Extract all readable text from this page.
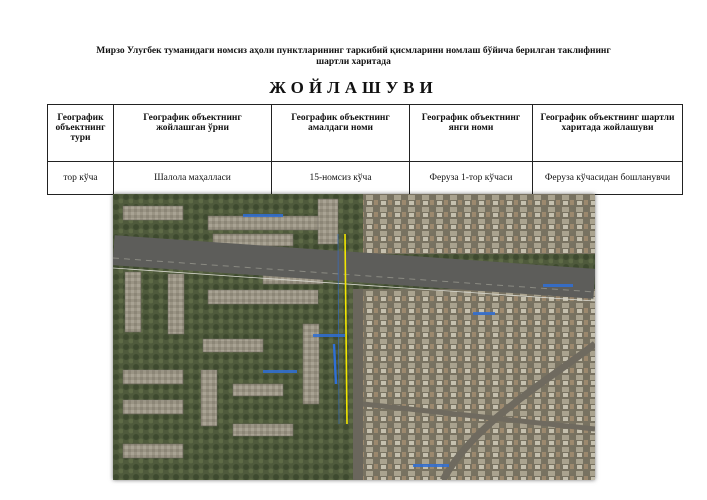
Мирзо Улугбек туманидаги номсиз аҳоли пунктларининг таркибий қисмларини номлаш бўйича берилган таклифнинг
шартли харитада
ЖОЙЛАШУВИ
Географик объектнинг тури	Географик объектнинг жойлашган ўрни	Географик объектнинг амалдаги номи	Географик объектнинг янги номи	Географик объектнинг шартли харитада жойлашуви
тор кўча	Шалола маҳалласи	15-номсиз кўча	Феруза 1-тор кўчаси	Феруза кўчасидан бошланувчи
